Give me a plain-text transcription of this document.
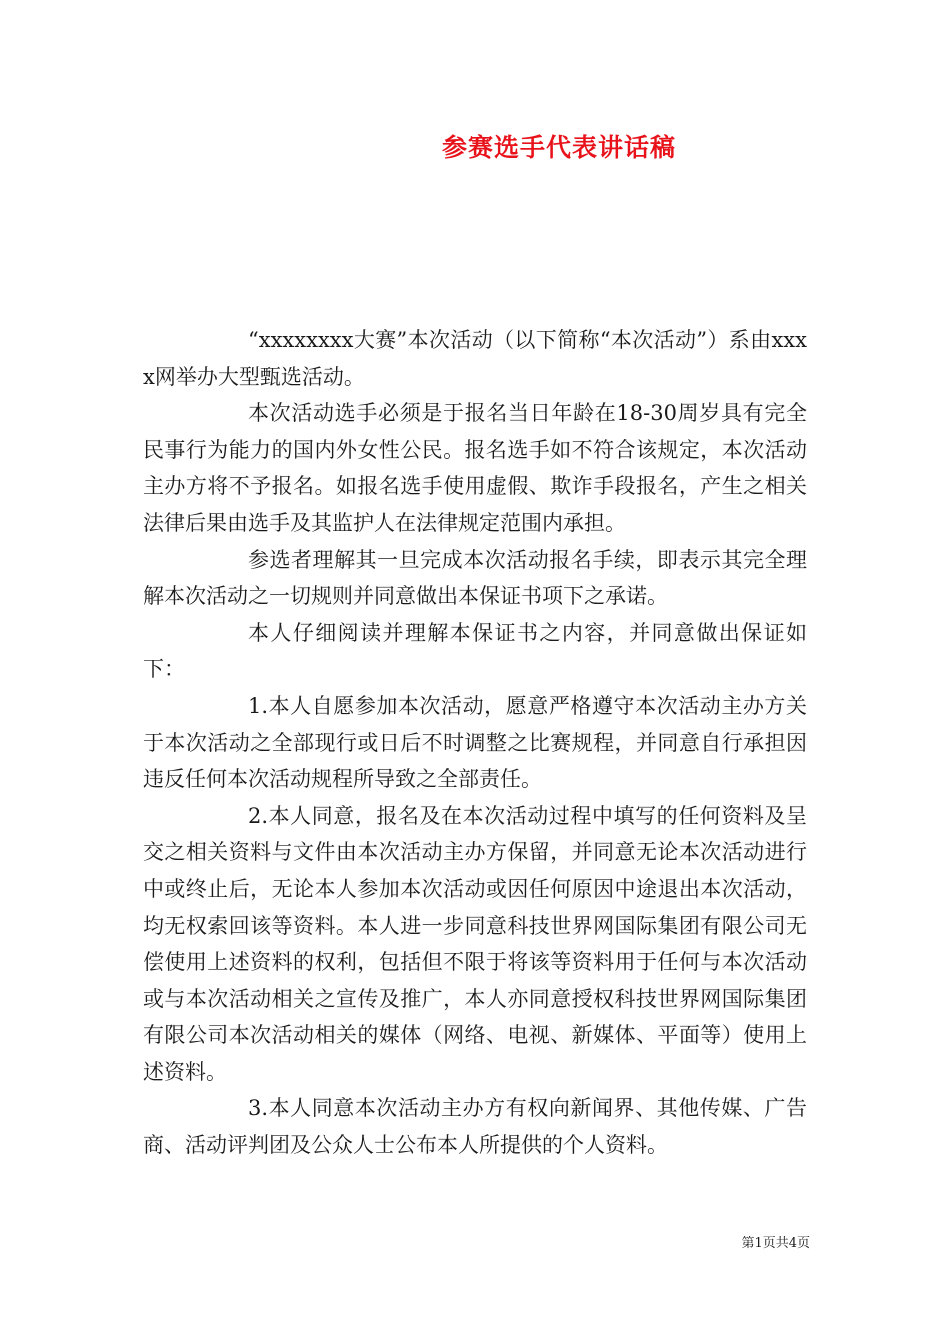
参赛选手代表讲话稿

“xxxxxxxx大赛”本次活动（以下简称“本次活动”）系由xxxx网举办大型甄选活动。

本次活动选手必须是于报名当日年龄在18-30周岁具有完全民事行为能力的国内外女性公民。报名选手如不符合该规定，本次活动主办方将不予报名。如报名选手使用虚假、欺诈手段报名，产生之相关法律后果由选手及其监护人在法律规定范围内承担。

参选者理解其一旦完成本次活动报名手续，即表示其完全理解本次活动之一切规则并同意做出本保证书项下之承诺。

本人仔细阅读并理解本保证书之内容，并同意做出保证如下：

1.本人自愿参加本次活动，愿意严格遵守本次活动主办方关于本次活动之全部现行或日后不时调整之比赛规程，并同意自行承担因违反任何本次活动规程所导致之全部责任。

2.本人同意，报名及在本次活动过程中填写的任何资料及呈交之相关资料与文件由本次活动主办方保留，并同意无论本次活动进行中或终止后，无论本人参加本次活动或因任何原因中途退出本次活动，均无权索回该等资料。本人进一步同意科技世界网国际集团有限公司无偿使用上述资料的权利，包括但不限于将该等资料用于任何与本次活动或与本次活动相关之宣传及推广，本人亦同意授权科技世界网国际集团有限公司本次活动相关的媒体（网络、电视、新媒体、平面等）使用上述资料。

3.本人同意本次活动主办方有权向新闻界、其他传媒、广告商、活动评判团及公众人士公布本人所提供的个人资料。

第1页共4页
